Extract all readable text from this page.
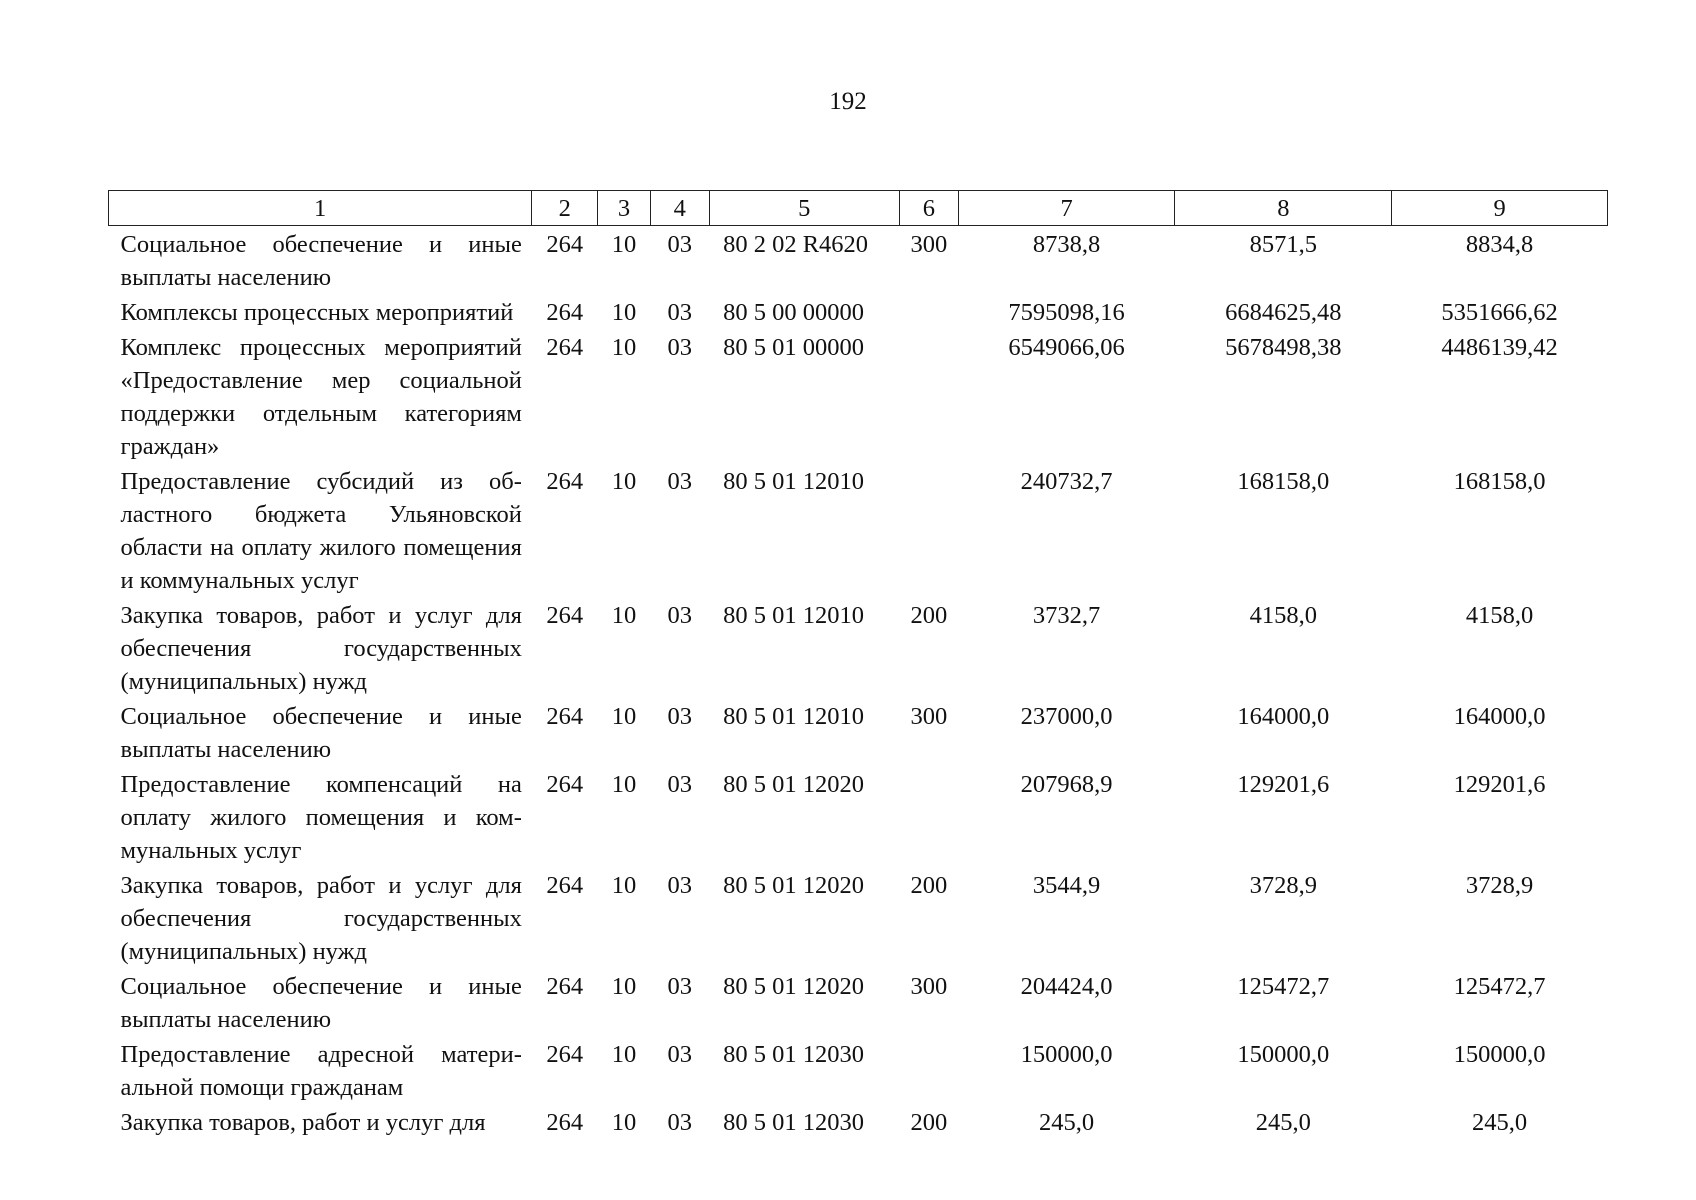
192
1	2	3	4	5	6	7	8	9
Социальное обеспечение и иные выплаты населению	264	10	03	80 2 02 R4620	300	8738,8	8571,5	8834,8
Комплексы процессных мероприятий	264	10	03	80 5 00 00000		7595098,16	6684625,48	5351666,62
Комплекс процессных мероприятий «Предоставление мер социальной поддержки отдельным категориям граждан»	264	10	03	80 5 01 00000		6549066,06	5678498,38	4486139,42
Предоставление субсидий из областного бюджета Ульяновской области на оплату жилого помещения и коммунальных услуг	264	10	03	80 5 01 12010		240732,7	168158,0	168158,0
Закупка товаров, работ и услуг для обеспечения государственных (муниципальных) нужд	264	10	03	80 5 01 12010	200	3732,7	4158,0	4158,0
Социальное обеспечение и иные выплаты населению	264	10	03	80 5 01 12010	300	237000,0	164000,0	164000,0
Предоставление компенсаций на оплату жилого помещения и коммунальных услуг	264	10	03	80 5 01 12020		207968,9	129201,6	129201,6
Закупка товаров, работ и услуг для обеспечения государственных (муниципальных) нужд	264	10	03	80 5 01 12020	200	3544,9	3728,9	3728,9
Социальное обеспечение и иные выплаты населению	264	10	03	80 5 01 12020	300	204424,0	125472,7	125472,7
Предоставление адресной материальной помощи гражданам	264	10	03	80 5 01 12030		150000,0	150000,0	150000,0
Закупка товаров, работ и услуг для	264	10	03	80 5 01 12030	200	245,0	245,0	245,0
